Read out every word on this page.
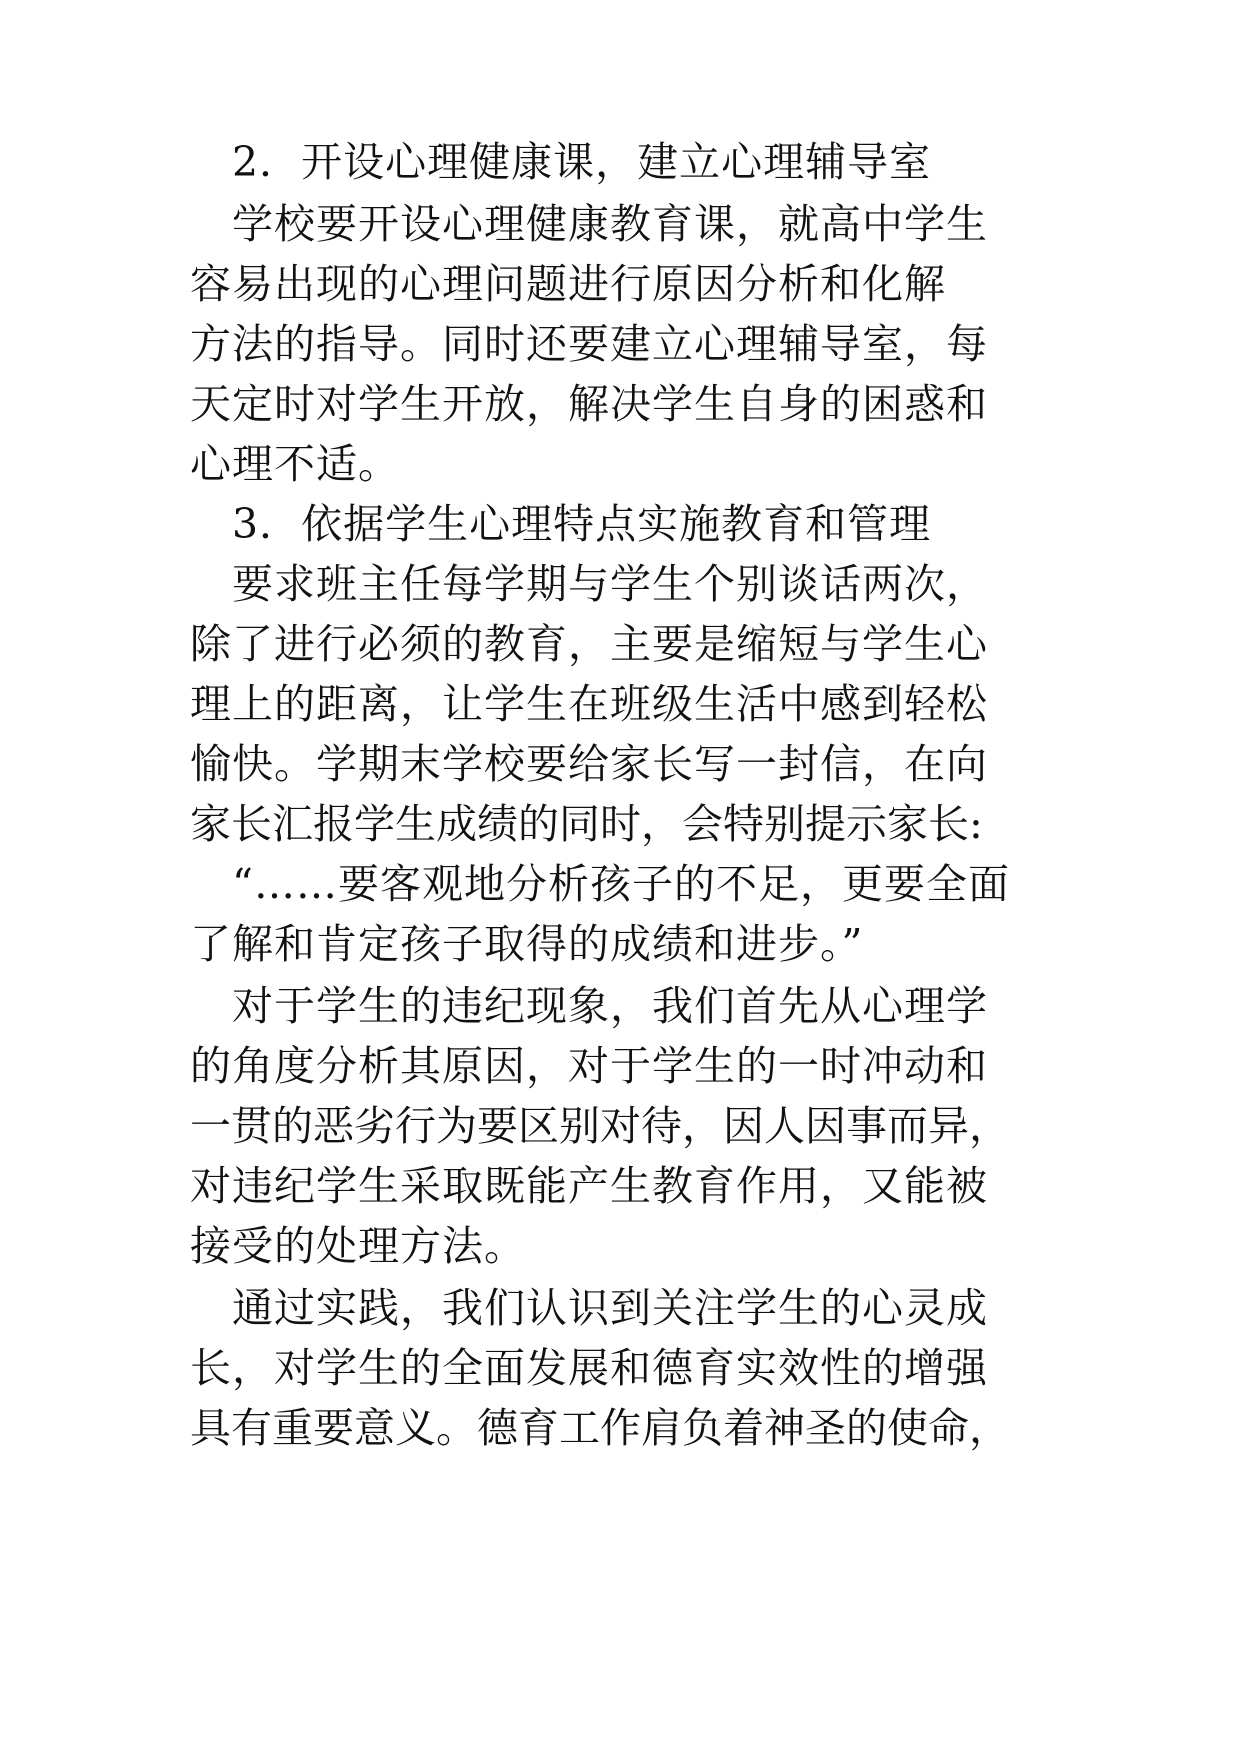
　2．开设心理健康课，建立心理辅导室
　学校要开设心理健康教育课，就高中学生
容易出现的心理问题进行原因分析和化解
方法的指导。同时还要建立心理辅导室，每
天定时对学生开放，解决学生自身的困惑和
心理不适。
　3．依据学生心理特点实施教育和管理
　要求班主任每学期与学生个别谈话两次，
除了进行必须的教育，主要是缩短与学生心
理上的距离，让学生在班级生活中感到轻松
愉快。学期末学校要给家长写一封信，在向
家长汇报学生成绩的同时，会特别提示家长:
　“……要客观地分析孩子的不足，更要全面
了解和肯定孩子取得的成绩和进步。”
　对于学生的违纪现象，我们首先从心理学
的角度分析其原因，对于学生的一时冲动和
一贯的恶劣行为要区别对待，因人因事而异，
对违纪学生采取既能产生教育作用，又能被
接受的处理方法。
　通过实践，我们认识到关注学生的心灵成
长，对学生的全面发展和德育实效性的增强
具有重要意义。德育工作肩负着神圣的使命，
